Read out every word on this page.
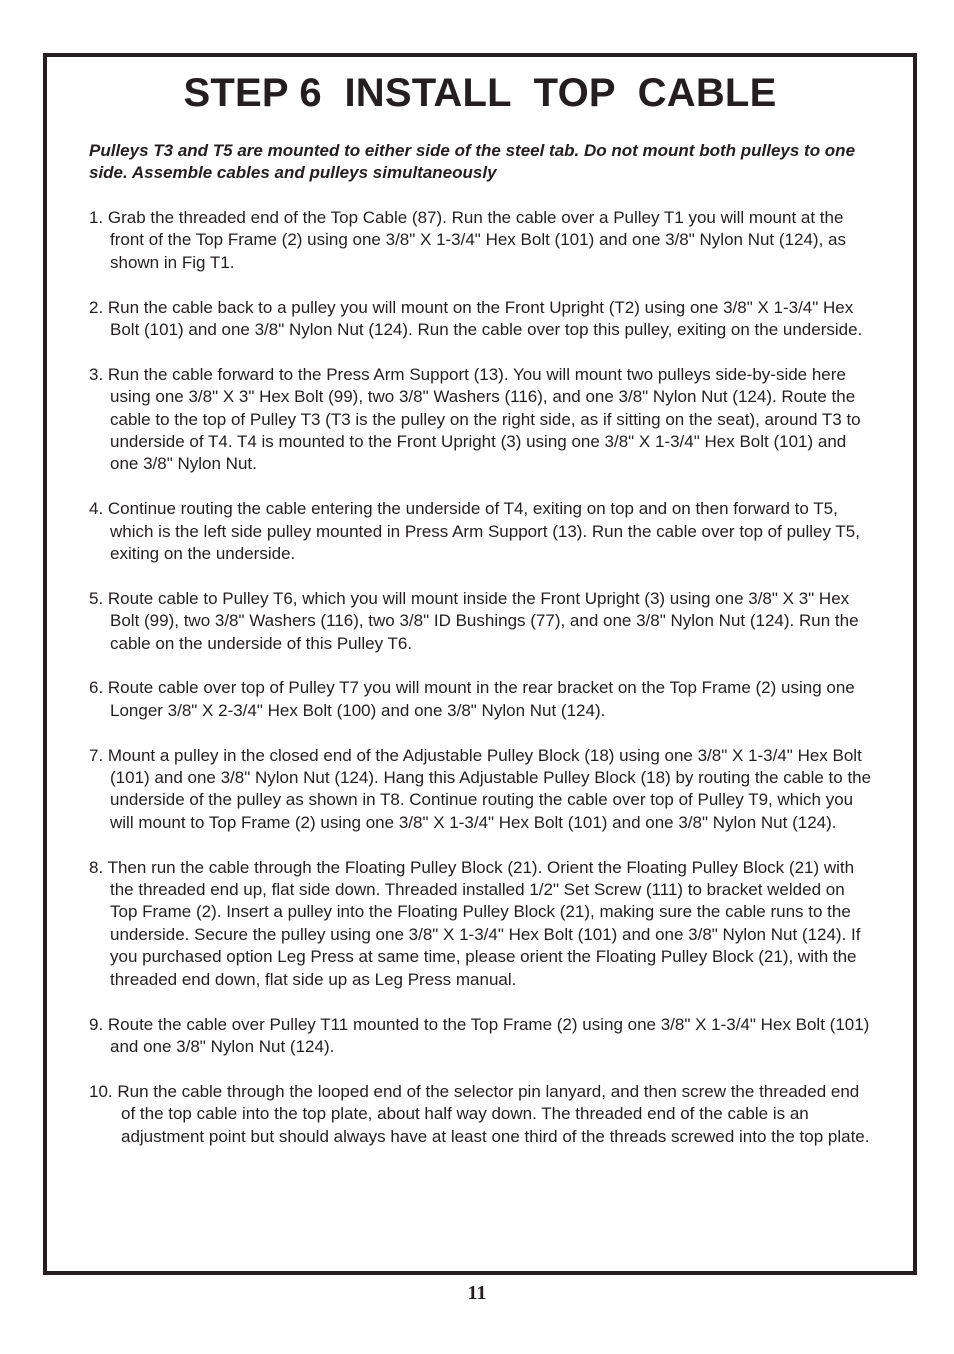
STEP 6  INSTALL  TOP  CABLE
Pulleys T3 and T5 are mounted to either side of the steel tab. Do not mount both pulleys to one side. Assemble cables and pulleys simultaneously
1. Grab the threaded end of the Top Cable (87). Run the cable over a Pulley T1 you will mount at the front of the Top Frame (2) using one 3/8" X 1-3/4" Hex Bolt (101) and one 3/8" Nylon Nut (124), as shown in Fig T1.
2. Run the cable back to a pulley you will mount on the Front Upright (T2) using one 3/8" X 1-3/4" Hex Bolt (101) and one 3/8" Nylon Nut (124). Run the cable over top this pulley, exiting on the underside.
3. Run the cable forward to the Press Arm Support (13). You will mount two pulleys side-by-side here using one 3/8" X 3" Hex Bolt (99), two 3/8" Washers (116), and one 3/8" Nylon Nut (124). Route the cable to the top of Pulley T3 (T3 is the pulley on the right side, as if sitting on the seat), around T3 to underside of T4. T4 is mounted to the Front Upright (3) using one 3/8" X 1-3/4" Hex Bolt (101) and one 3/8" Nylon Nut.
4. Continue routing the cable entering the underside of T4, exiting on top and on then forward to T5, which is the left side pulley mounted in Press Arm Support (13). Run the cable over top of pulley T5, exiting on the underside.
5. Route cable to Pulley T6, which you will mount inside the Front Upright (3) using one 3/8" X 3" Hex Bolt (99), two 3/8" Washers (116), two 3/8" ID Bushings (77), and one 3/8" Nylon Nut (124). Run the cable on the underside of this Pulley T6.
6. Route cable over top of Pulley T7 you will mount in the rear bracket on the Top Frame (2) using one Longer 3/8" X 2-3/4" Hex Bolt (100) and one 3/8" Nylon Nut (124).
7. Mount a pulley in the closed end of the Adjustable Pulley Block (18) using one 3/8" X 1-3/4" Hex Bolt (101) and one 3/8" Nylon Nut (124). Hang this Adjustable Pulley Block (18) by routing the cable to the underside of the pulley as shown in T8. Continue routing the cable over top of Pulley T9, which you will mount to Top Frame (2) using one 3/8" X 1-3/4" Hex Bolt (101) and one 3/8" Nylon Nut (124).
8. Then run the cable through the Floating Pulley Block (21). Orient the Floating Pulley Block (21) with the threaded end up, flat side down. Threaded installed 1/2" Set Screw (111) to bracket welded on Top Frame (2). Insert a pulley into the Floating Pulley Block (21), making sure the cable runs to the underside. Secure the pulley using one 3/8" X 1-3/4" Hex Bolt (101) and one 3/8" Nylon Nut (124). If you purchased option Leg Press at same time, please orient the Floating Pulley Block (21), with the threaded end down, flat side up as Leg Press manual.
9. Route the cable over Pulley T11 mounted to the Top Frame (2) using one 3/8" X 1-3/4" Hex Bolt (101) and one 3/8" Nylon Nut (124).
10. Run the cable through the looped end of the selector pin lanyard, and then screw the threaded end of the top cable into the top plate, about half way down. The threaded end of the cable is an adjustment point but should always have at least one third of the threads screwed into the top plate.
11
